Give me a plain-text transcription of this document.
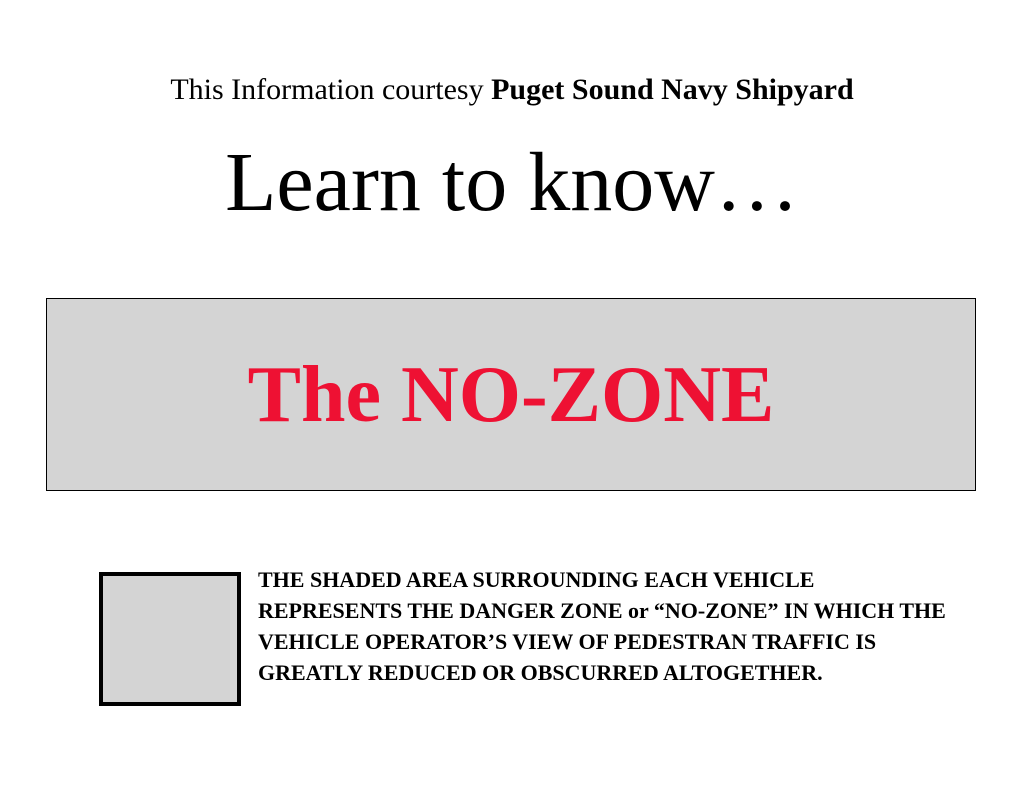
This Information courtesy Puget Sound Navy Shipyard
Learn to know…
The NO-ZONE
THE SHADED AREA SURROUNDING EACH VEHICLE REPRESENTS THE DANGER ZONE or “NO-ZONE” IN WHICH THE VEHICLE OPERATOR’S VIEW OF PEDESTRAN TRAFFIC IS GREATLY REDUCED OR OBSCURRED ALTOGETHER.
